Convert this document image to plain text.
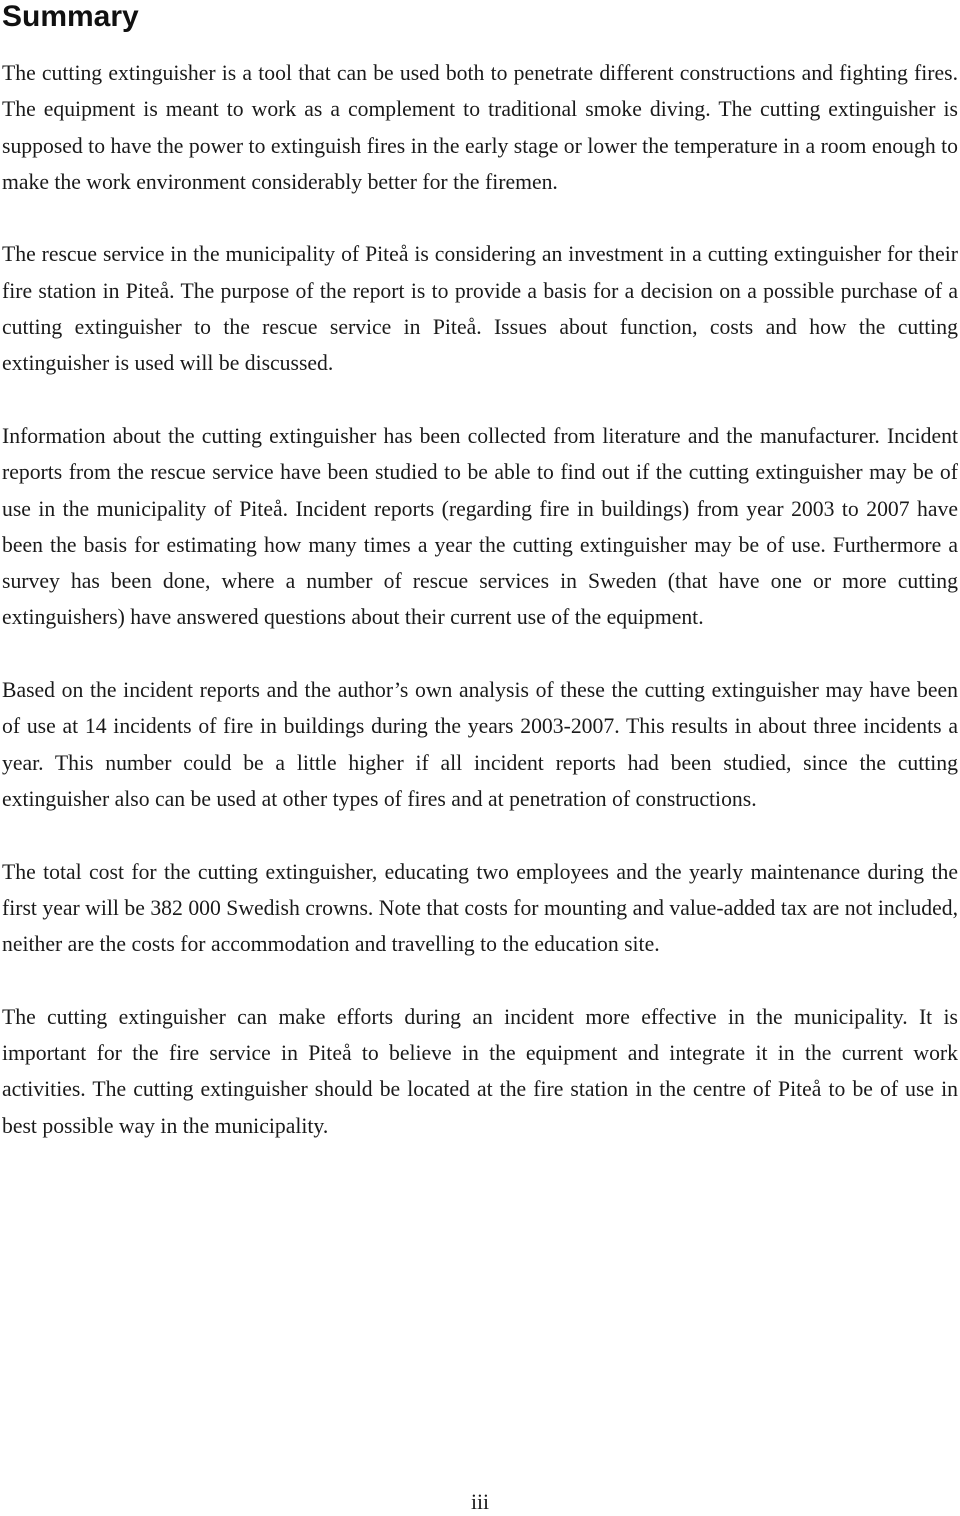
Summary

The cutting extinguisher is a tool that can be used both to penetrate different constructions and fighting fires. The equipment is meant to work as a complement to traditional smoke diving. The cutting extinguisher is supposed to have the power to extinguish fires in the early stage or lower the temperature in a room enough to make the work environment considerably better for the firemen.

The rescue service in the municipality of Piteå is considering an investment in a cutting extinguisher for their fire station in Piteå. The purpose of the report is to provide a basis for a decision on a possible purchase of a cutting extinguisher to the rescue service in Piteå. Issues about function, costs and how the cutting extinguisher is used will be discussed.

Information about the cutting extinguisher has been collected from literature and the manufacturer. Incident reports from the rescue service have been studied to be able to find out if the cutting extinguisher may be of use in the municipality of Piteå. Incident reports (regarding fire in buildings) from year 2003 to 2007 have been the basis for estimating how many times a year the cutting extinguisher may be of use. Furthermore a survey has been done, where a number of rescue services in Sweden (that have one or more cutting extinguishers) have answered questions about their current use of the equipment.

Based on the incident reports and the author’s own analysis of these the cutting extinguisher may have been of use at 14 incidents of fire in buildings during the years 2003-2007. This results in about three incidents a year. This number could be a little higher if all incident reports had been studied, since the cutting extinguisher also can be used at other types of fires and at penetration of constructions.

The total cost for the cutting extinguisher, educating two employees and the yearly maintenance during the first year will be 382 000 Swedish crowns. Note that costs for mounting and value-added tax are not included, neither are the costs for accommodation and travelling to the education site.

The cutting extinguisher can make efforts during an incident more effective in the municipality. It is important for the fire service in Piteå to believe in the equipment and integrate it in the current work activities. The cutting extinguisher should be located at the fire station in the centre of Piteå to be of use in best possible way in the municipality.

iii
